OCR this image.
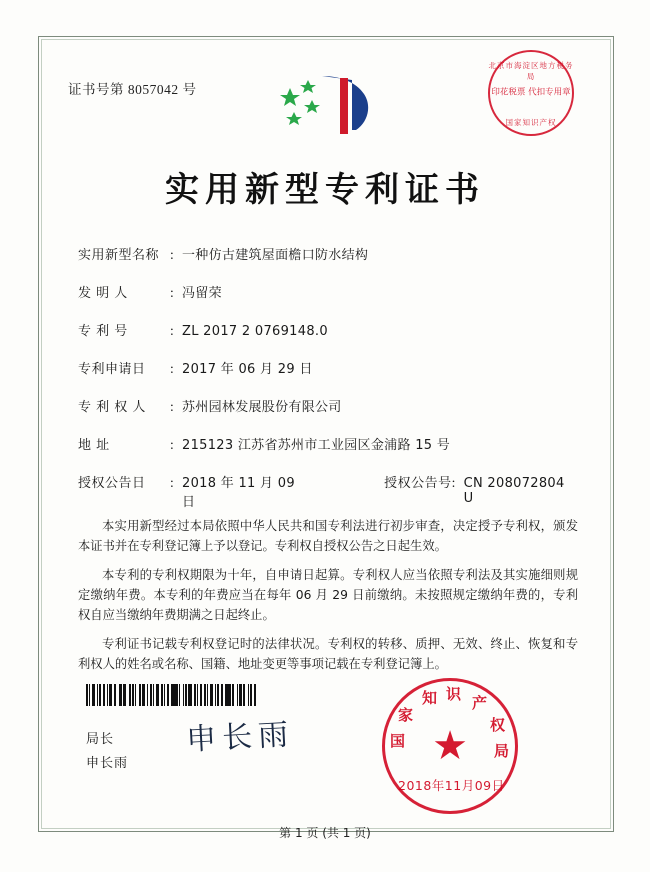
证书号第 8057042 号
北京市海淀区地方税务局
印花税票 代扣专用章
国家知识产权
实用新型专利证书
实用新型名称 : 一种仿古建筑屋面檐口防水结构
发 明 人	: 冯留荣
专 利 号	: ZL 2017 2 0769148.0
专利申请日	: 2017 年 06 月 29 日
专 利 权 人	: 苏州园林发展股份有限公司
地 址	: 215123 江苏省苏州市工业园区金浦路 15 号
授权公告日	: 2018 年 11 月 09 日
授权公告号 : CN 208072804 U

本实用新型经过本局依照中华人民共和国专利法进行初步审查，决定授予专利权，颁发本证书并在专利登记簿上予以登记。专利权自授权公告之日起生效。

本专利的专利权期限为十年，自申请日起算。专利权人应当依照专利法及其实施细则规定缴纳年费。本专利的年费应当在每年 06 月 29 日前缴纳。未按照规定缴纳年费的，专利权自应当缴纳年费期满之日起终止。

专利证书记载专利权登记时的法律状况。专利权的转移、质押、无效、终止、恢复和专利权人的姓名或名称、国籍、地址变更等事项记载在专利登记簿上。

局长
申长雨
申长雨	★
国
家
知 识 产
权
局
2018年11月09日
第 1 页 (共 1 页)
